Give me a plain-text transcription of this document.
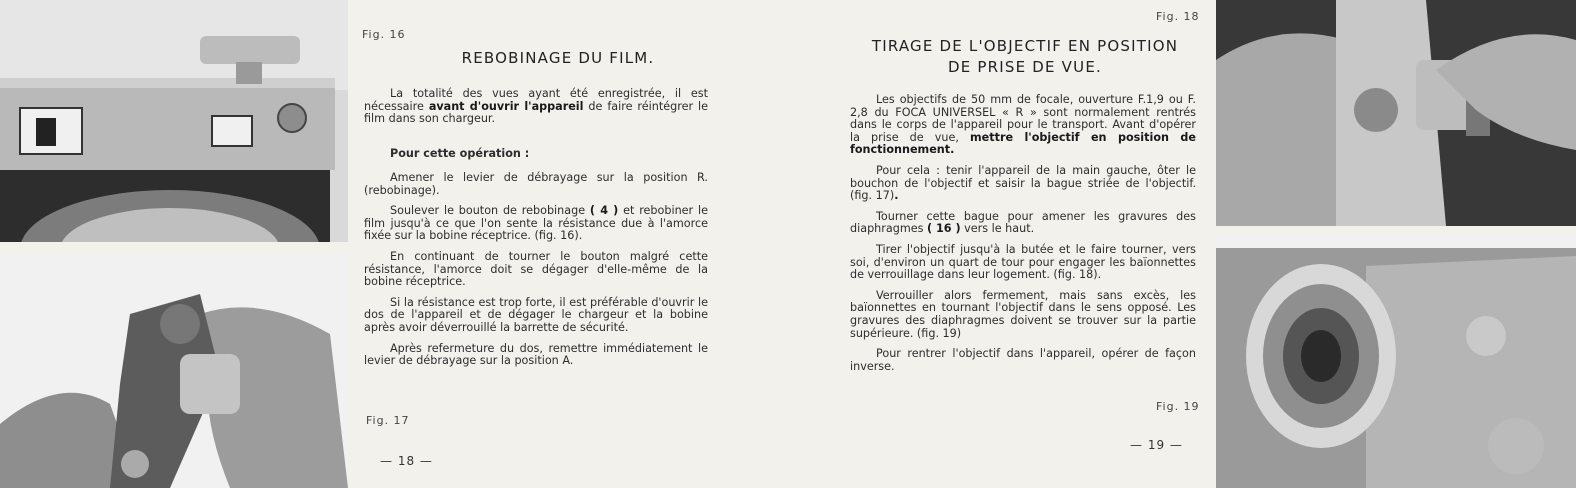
Fig. 16
REBOBINAGE DU FILM.

La totalité des vues ayant été enregistrée, il est nécessaire avant d'ouvrir l'appareil de faire réintégrer le film dans son chargeur.

Pour cette opération :

Amener le levier de débrayage sur la position R. (rebobinage).

Soulever le bouton de rebobinage ( 4 ) et rebobiner le film jusqu'à ce que l'on sente la résistance due à l'amorce fixée sur la bobine réceptrice. (fig. 16).

En continuant de tourner le bouton malgré cette résistance, l'amorce doit se dégager d'elle-même de la bobine réceptrice.

Si la résistance est trop forte, il est préférable d'ouvrir le dos de l'appareil et de dégager le chargeur et la bobine après avoir déverrouillé la barrette de sécurité.

Après refermeture du dos, remettre immédiatement le levier de débrayage sur la position A.

Fig. 17
— 18 —
Fig. 18
TIRAGE DE L'OBJECTIF EN POSITION
DE PRISE DE VUE.

Les objectifs de 50 mm de focale, ouverture F.1,9 ou F. 2,8 du FOCA UNIVERSEL « R » sont normalement rentrés dans le corps de l'appareil pour le transport. Avant d'opérer la prise de vue, mettre l'objectif en position de fonctionnement.

Pour cela : tenir l'appareil de la main gauche, ôter le bouchon de l'objectif et saisir la bague striée de l'objectif. (fig. 17).

Tourner cette bague pour amener les gravures des diaphragmes ( 16 ) vers le haut.

Tirer l'objectif jusqu'à la butée et le faire tourner, vers soi, d'environ un quart de tour pour engager les baïonnettes de verrouillage dans leur logement. (fig. 18).

Verrouiller alors fermement, mais sans excès, les baïonnettes en tournant l'objectif dans le sens opposé. Les gravures des diaphragmes doivent se trouver sur la partie supérieure. (fig. 19)

Pour rentrer l'objectif dans l'appareil, opérer de façon inverse.

Fig. 19
— 19 —
